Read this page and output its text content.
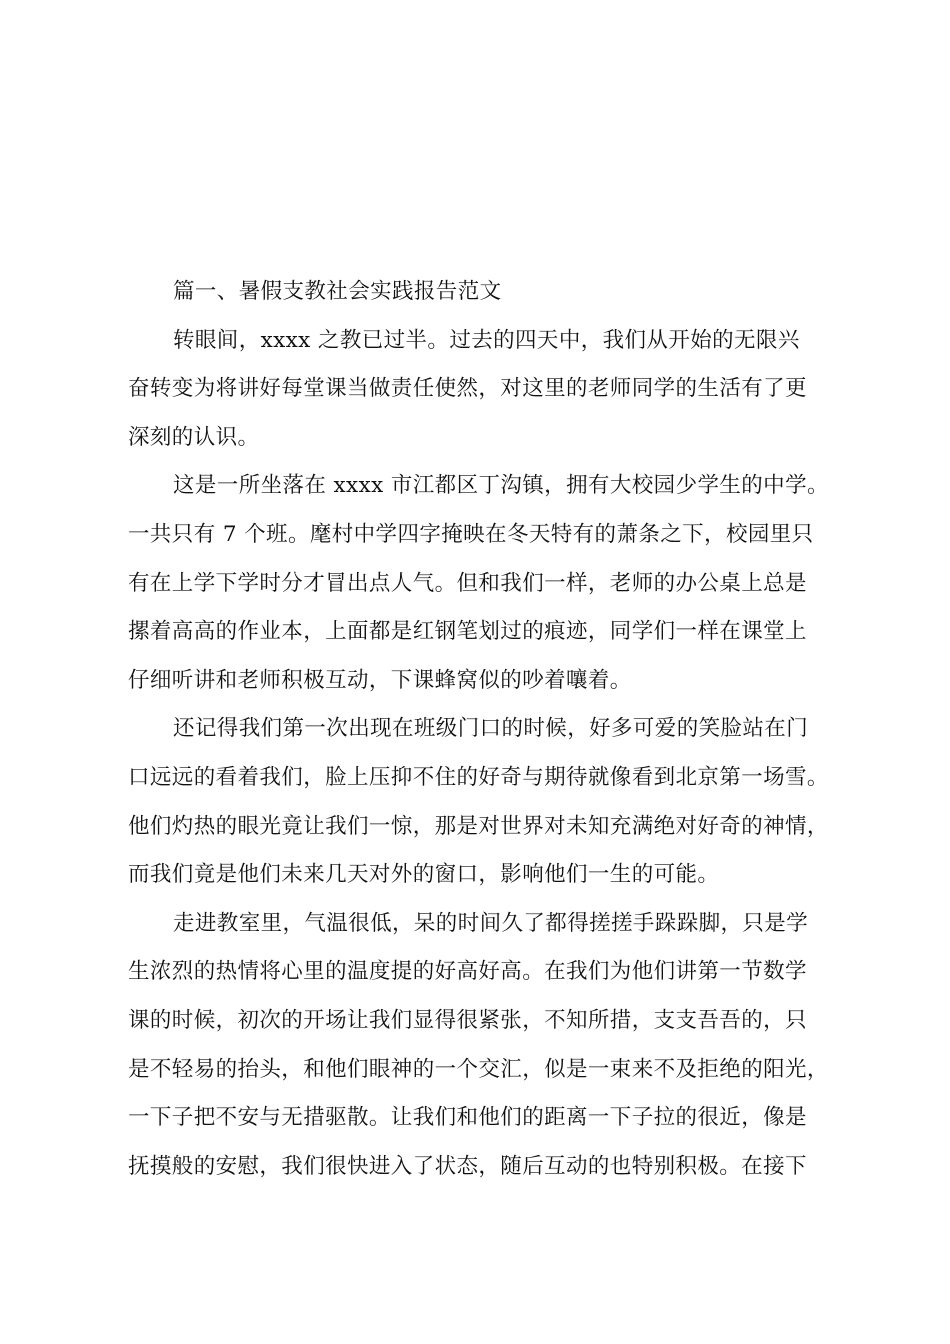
篇一、暑假支教社会实践报告范文
转眼间，xxxx 之教已过半。过去的四天中，我们从开始的无限兴
奋转变为将讲好每堂课当做责任使然，对这里的老师同学的生活有了更
深刻的认识。
这是一所坐落在 xxxx 市江都区丁沟镇，拥有大校园少学生的中学。
一共只有 7 个班。麾村中学四字掩映在冬天特有的萧条之下，校园里只
有在上学下学时分才冒出点人气。但和我们一样，老师的办公桌上总是
摞着高高的作业本，上面都是红钢笔划过的痕迹，同学们一样在课堂上
仔细听讲和老师积极互动，下课蜂窝似的吵着嚷着。
还记得我们第一次出现在班级门口的时候，好多可爱的笑脸站在门
口远远的看着我们，脸上压抑不住的好奇与期待就像看到北京第一场雪。
他们灼热的眼光竟让我们一惊，那是对世界对未知充满绝对好奇的神情，
而我们竟是他们未来几天对外的窗口，影响他们一生的可能。
走进教室里，气温很低，呆的时间久了都得搓搓手跺跺脚，只是学
生浓烈的热情将心里的温度提的好高好高。在我们为他们讲第一节数学
课的时候，初次的开场让我们显得很紧张，不知所措，支支吾吾的，只
是不轻易的抬头，和他们眼神的一个交汇，似是一束来不及拒绝的阳光，
一下子把不安与无措驱散。让我们和他们的距离一下子拉的很近，像是
抚摸般的安慰，我们很快进入了状态，随后互动的也特别积极。在接下
